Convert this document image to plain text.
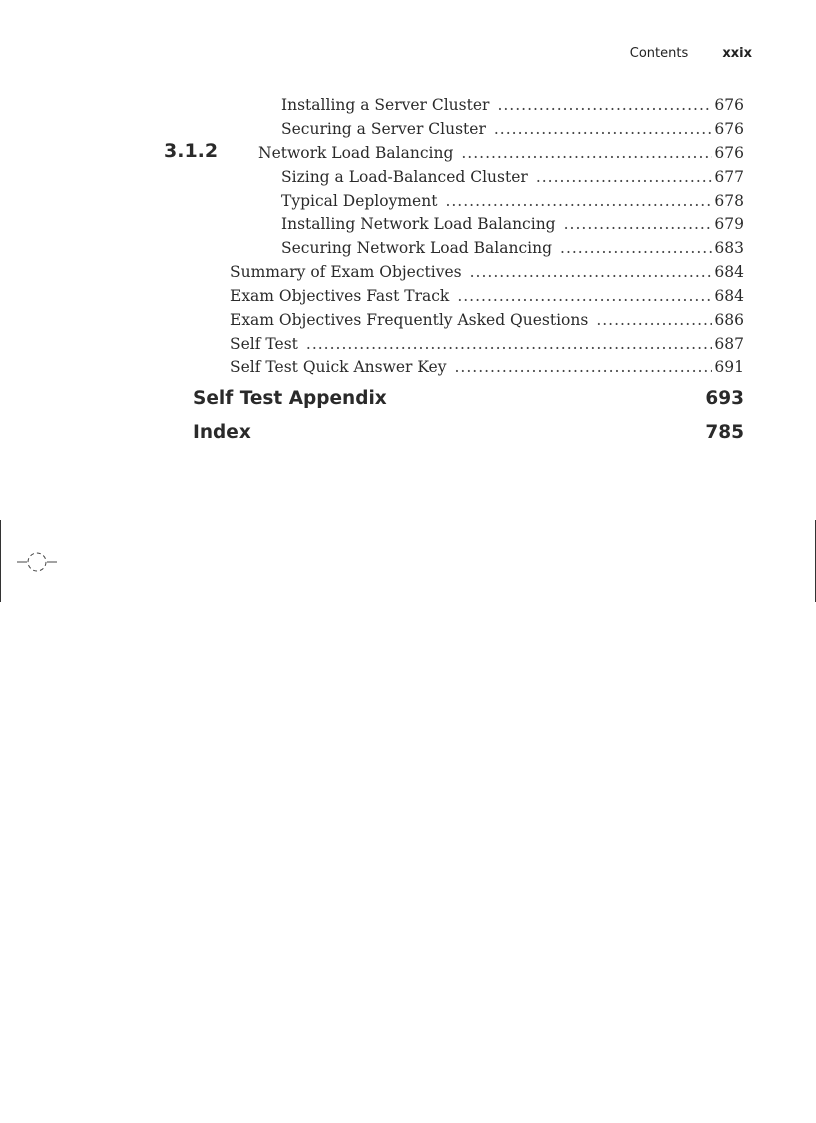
Contents	xxix
Installing a Server Cluster .....	676
Securing a Server Cluster .....	676
3.1.2	Network Load Balancing .....	676
Sizing a Load-Balanced Cluster .....	677
Typical Deployment .....	678
Installing Network Load Balancing .....	679
Securing Network Load Balancing .....	683
Summary of Exam Objectives .....	684
Exam Objectives Fast Track .....	684
Exam Objectives Frequently Asked Questions .....	686
Self Test .....	687
Self Test Quick Answer Key .....	691
Self Test Appendix	693
Index	785
